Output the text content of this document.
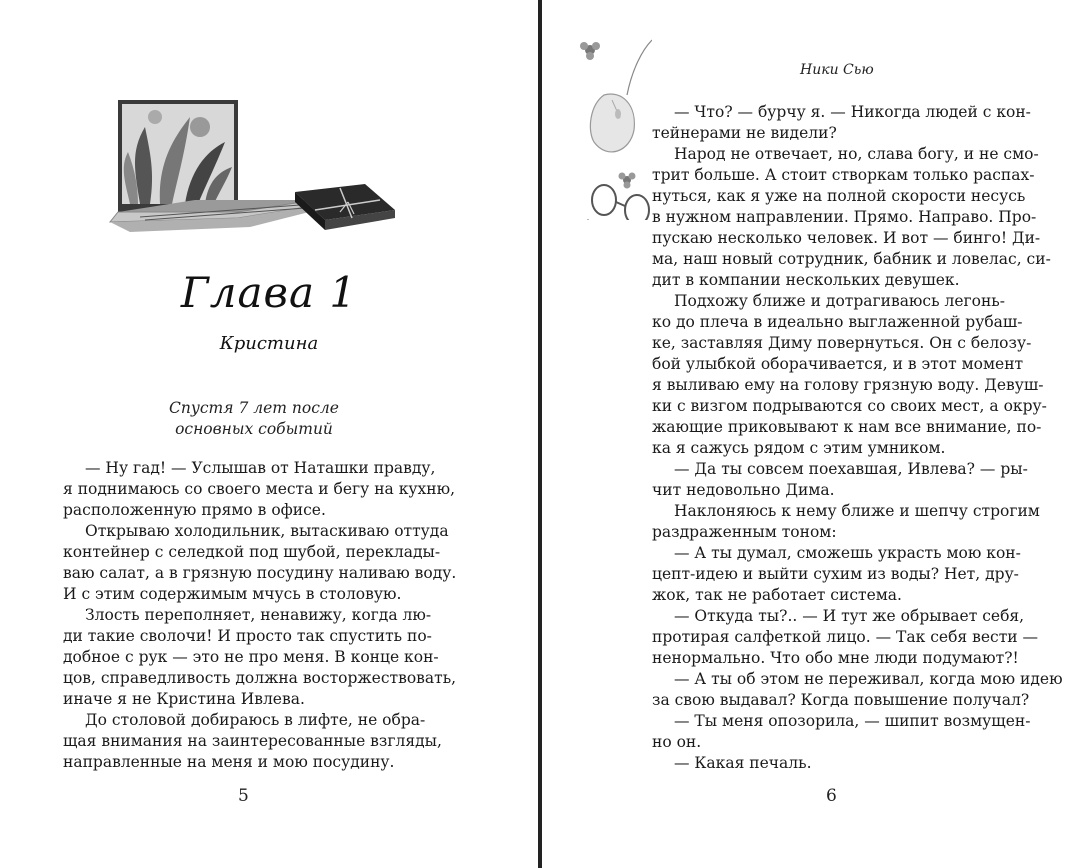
Глава 1
Кристина
Спустя 7 лет после
основных событий
— Ну гад! — Услышав от Наташки правду,
я поднимаюсь со своего места и бегу на кухню,
расположенную прямо в офисе.
Открываю холодильник, вытаскиваю оттуда
контейнер с селедкой под шубой, переклады-
ваю салат, а в грязную посудину наливаю воду.
И с этим содержимым мчусь в столовую.
Злость переполняет, ненавижу, когда лю-
ди такие сволочи! И просто так спустить по-
добное с рук — это не про меня. В конце кон-
цов, справедливость должна восторжествовать,
иначе я не Кристина Ивлева.
До столовой добираюсь в лифте, не обра-
щая внимания на заинтересованные взгляды,
направленные на меня и мою посудину.
5	6
Ники Сью
— Что? — бурчу я. — Никогда людей с кон-
тейнерами не видели?
Народ не отвечает, но, слава богу, и не смо-
трит больше. А стоит створкам только распах-
нуться, как я уже на полной скорости несусь
в нужном направлении. Прямо. Направо. Про-
пускаю несколько человек. И вот — бинго! Ди-
ма, наш новый сотрудник, бабник и ловелас, си-
дит в компании нескольких девушек.
Подхожу ближе и дотрагиваюсь легонь-
ко до плеча в идеально выглаженной рубаш-
ке, заставляя Диму повернуться. Он с белозу-
бой улыбкой оборачивается, и в этот момент
я выливаю ему на голову грязную воду. Девуш-
ки с визгом подрываются со своих мест, а окру-
жающие приковывают к нам все внимание, по-
ка я сажусь рядом с этим умником.
— Да ты совсем поехавшая, Ивлева? — ры-
чит недовольно Дима.
Наклоняюсь к нему ближе и шепчу строгим
раздраженным тоном:
— А ты думал, сможешь украсть мою кон-
цепт-идею и выйти сухим из воды? Нет, дру-
жок, так не работает система.
— Откуда ты?.. — И тут же обрывает себя,
протирая салфеткой лицо. — Так себя вести —
ненормально. Что обо мне люди подумают?!
— А ты об этом не переживал, когда мою идею
за свою выдавал? Когда повышение получал?
— Ты меня опозорила, — шипит возмущен-
но он.
— Какая печаль.
